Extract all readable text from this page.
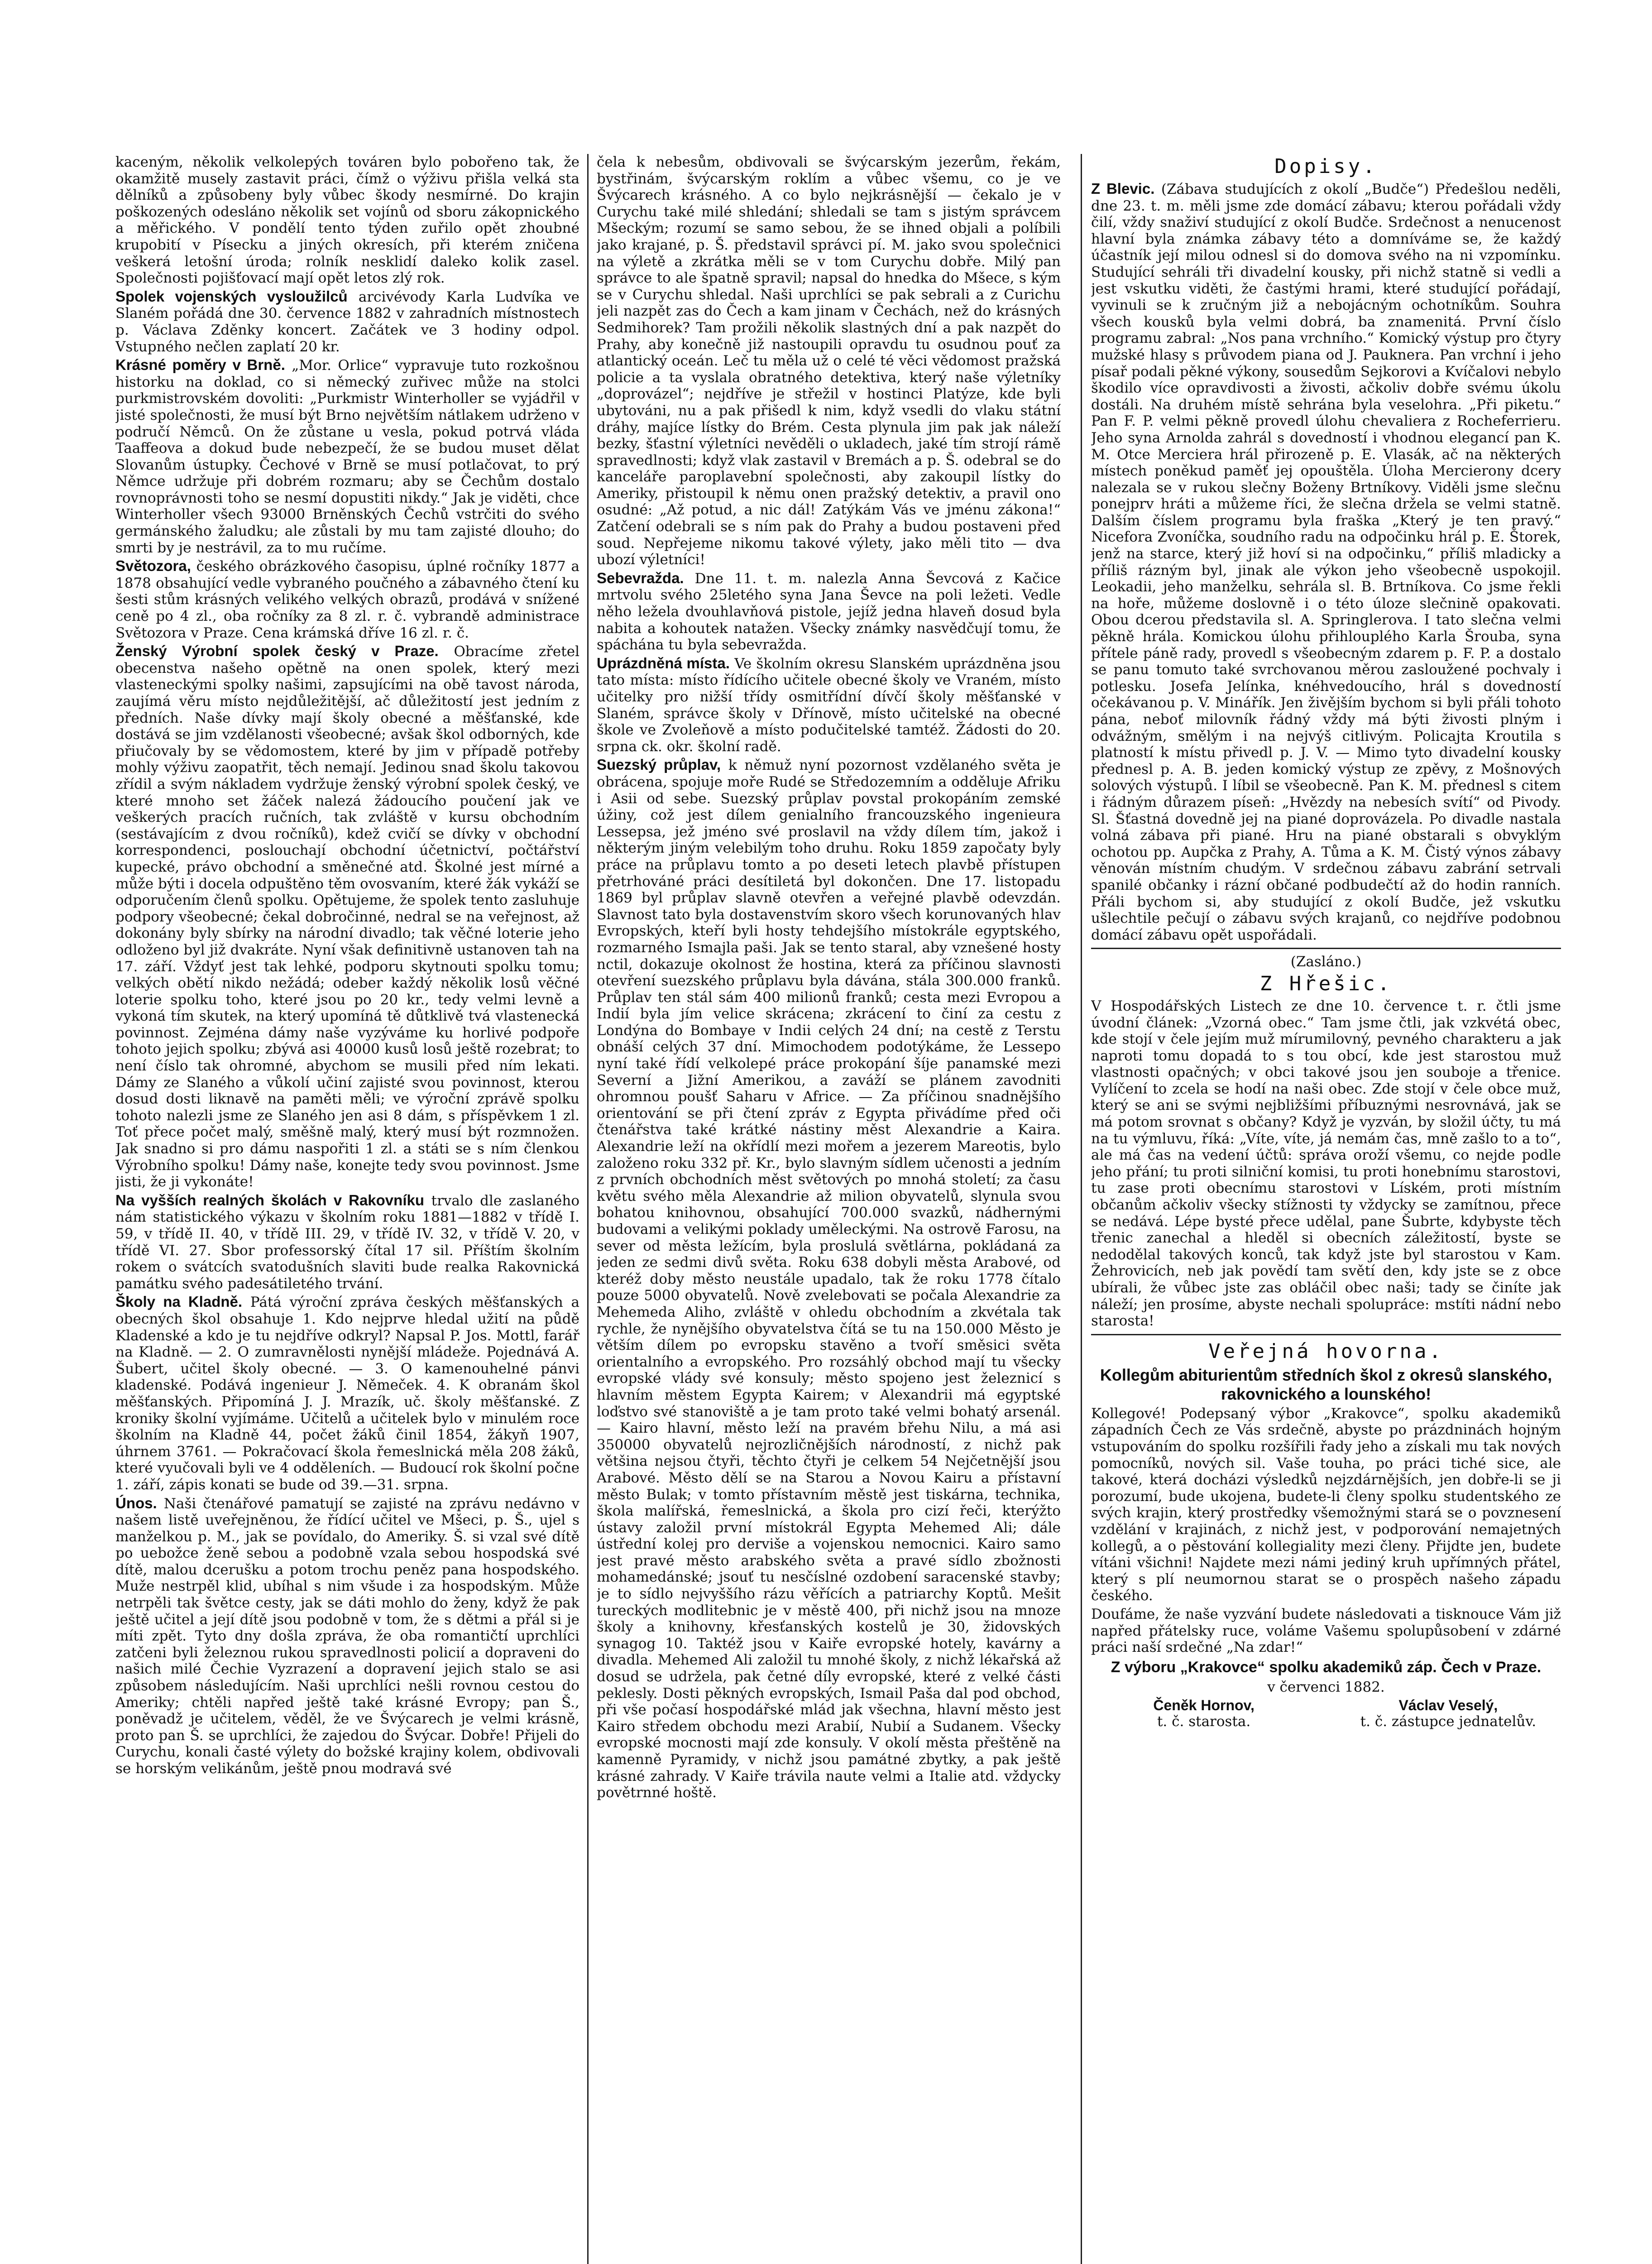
kaceným, několik velkolepých továren bylo pobořeno tak, že okamžitě musely zastavit práci, čímž o výživu přišla velká sta dělníků a způsobeny byly vůbec škody nesmírné. Do krajin poškozených odesláno několik set vojínů od sboru zákopnického a měřického. V pondělí tento týden zuřilo opět zhoubné krupobití v Písecku a jiných okresích, při kterém zničena veškerá letošní úroda; rolník nesklidí daleko kolik zasel. Společnosti pojišťovací mají opět letos zlý rok.

Spolek vojenských vysloužilců arcivévody Karla Ludvíka ve Slaném pořádá dne 30. července 1882 v zahradních místnostech p. Václava Zděnky koncert. Začátek ve 3 hodiny odpol. Vstupného nečlen zaplatí 20 kr.

Krásné poměry v Brně. „Mor. Orlice“ vypravuje tuto rozkošnou historku na doklad, co si německý zuřivec může na stolci purkmistrovském dovoliti: „Purkmistr Winterholler se vyjádřil v jisté společnosti, že musí být Brno největším nátlakem udrženo v područí Němců. On že zůstane u vesla, pokud potrvá vláda Taaffeova a dokud bude nebezpečí, že se budou muset dělat Slovanům ústupky. Čechové v Brně se musí potlačovat, to prý Němce udržuje při dobrém rozmaru; aby se Čechům dostalo rovnoprávnosti toho se nesmí dopustiti nikdy.“ Jak je viděti, chce Winterholler všech 93000 Brněnských Čechů vstrčiti do svého germánského žaludku; ale zůstali by mu tam zajisté dlouho; do smrti by je nestrávil, za to mu ručíme.

Světozora, českého obrázkového časopisu, úplné ročníky 1877 a 1878 obsahující vedle vybraného poučného a zábavného čtení ku šesti stům krásných velikého velkých obrazů, prodává v snížené ceně po 4 zl., oba ročníky za 8 zl. r. č. vybrandě administrace Světozora v Praze. Cena krámská dříve 16 zl. r. č.

Ženský Výrobní spolek český v Praze. Obracíme zřetel obecenstva našeho opětně na onen spolek, který mezi vlasteneckými spolky našimi, zapsujícími na obě tavost národa, zaujímá věru místo nejdůležitější, ač důležitostí jest jedním z předních. Naše dívky mají školy obecné a měšťanské, kde dostává se jim vzdělanosti všeobecné; avšak škol odborných, kde přiučovaly by se vědomostem, které by jim v případě potřeby mohly výživu zaopatřit, těch nemají. Jedinou snad školu takovou zřídil a svým nákladem vydržuje ženský výrobní spolek český, ve které mnoho set žáček nalezá žádoucího poučení jak ve veškerých pracích ručních, tak zvláště v kursu obchodním (sestávajícím z dvou ročníků), kdež cvičí se dívky v obchodní korrespondenci, poslouchají obchodní účetnictví, počtářství kupecké, právo obchodní a směnečné atd. Školné jest mírné a může býti i docela odpuštěno těm ovosvaním, které žák vykáží se odporučením členů spolku. Opětujeme, že spolek tento zasluhuje podpory všeobecné; čekal dobročinné, nedral se na veřejnost, až dokonány byly sbírky na národní divadlo; tak věčné loterie jeho odloženo byl již dvakráte. Nyní však definitivně ustanoven tah na 17. září. Vždyť jest tak lehké, podporu skytnouti spolku tomu; velkých obětí nikdo nežádá; odeber každý několik losů věčné loterie spolku toho, které jsou po 20 kr., tedy velmi levně a vykoná tím skutek, na který upomíná tě důtklivě tvá vlastenecká povinnost. Zejména dámy naše vyzýváme ku horlivé podpoře tohoto jejich spolku; zbývá asi 40000 kusů losů ještě rozebrat; to není číslo tak ohromné, abychom se musili před ním lekati. Dámy ze Slaného a vůkolí učiní zajisté svou povinnost, kterou dosud dosti liknavě na paměti měli; ve výroční zprávě spolku tohoto nalezli jsme ze Slaného jen asi 8 dám, s příspěvkem 1 zl. Toť přece počet malý, směšně malý, který musí být rozmnožen. Jak snadno si pro dámu naspořiti 1 zl. a státi se s ním členkou Výrobního spolku! Dámy naše, konejte tedy svou povinnost. Jsme jisti, že ji vykonáte!

Na vyšších realných školách v Rakovníku trvalo dle zaslaného nám statistického výkazu v školním roku 1881—1882 v třídě I. 59, v třídě II. 40, v třídě III. 29, v třídě IV. 32, v třídě V. 20, v třídě VI. 27. Sbor professorský čítal 17 sil. Příštím školním rokem o svátcích svatodušních slaviti bude realka Rakovnická památku svého padesátiletého trvání.

Školy na Kladně. Pátá výroční zpráva českých měšťanských a obecných škol obsahuje 1. Kdo nejprve hledal užití na půdě Kladenské a kdo je tu nejdříve odkryl? Napsal P. Jos. Mottl, farář na Kladně. — 2. O zumravnělosti nynější mládeže. Pojednává A. Šubert, učitel školy obecné. — 3. O kamenouhelné pánvi kladenské. Podává ingenieur J. Němeček. 4. K obranám škol měšťanských. Připomíná J. J. Mrazík, uč. školy měšťanské. Z kroniky školní vyjímáme. Učitelů a učitelek bylo v minulém roce školním na Kladně 44, počet žáků činil 1854, žákyň 1907, úhrnem 3761. — Pokračovací škola řemeslnická měla 208 žáků, které vyučovali byli ve 4 odděleních. — Budoucí rok školní počne 1. září, zápis konati se bude od 39.—31. srpna.

Únos. Naši čtenářové pamatují se zajisté na zprávu nedávno v našem listě uveřejněnou, že řídící učitel ve Mšeci, p. Š., ujel s manželkou p. M., jak se povídalo, do Ameriky. Š. si vzal své dítě po uebožce ženě sebou a podobně vzala sebou hospodská své dítě, malou dcerušku a potom trochu peněz pana hospodského. Muže nestrpěl klid, ubíhal s nim všude i za hospodským. Může netrpěli tak švětce cesty, jak se dáti mohlo do ženy, když že pak ještě učitel a její dítě jsou podobně v tom, že s dětmi a přál si je míti zpět. Tyto dny došla zpráva, že oba romantičtí uprchlíci zatčeni byli železnou rukou spravedlnosti policií a dopraveni do našich milé Čechie Vyzrazení a dopravení jejich stalo se asi způsobem následujícím. Naši uprchlíci nešli rovnou cestou do Ameriky; chtěli napřed ještě také krásné Evropy; pan Š., poněvadž je učitelem, věděl, že ve Švýcarech je velmi krásně, proto pan Š. se uprchlíci, že zajedou do Švýcar. Dobře! Přijeli do Curychu, konali časté výlety do božské krajiny kolem, obdivovali se horským velikánům, ještě pnou modravá své

čela k nebesům, obdivovali se švýcarským jezerům, řekám, bystřinám, švýcarským roklím a vůbec všemu, co je ve Švýcarech krásného. A co bylo nejkrásnější — čekalo je v Curychu také milé shledání; shledali se tam s jistým správcem Mšeckým; rozumí se samo sebou, že se ihned objali a políbili jako krajané, p. Š. představil správci pí. M. jako svou společnici na výletě a zkrátka měli se v tom Curychu dobře. Milý pan správce to ale špatně spravil; napsal do hnedka do Mšece, s kým se v Curychu shledal. Naši uprchlíci se pak sebrali a z Curichu jeli nazpět zas do Čech a kam jinam v Čechách, než do krásných Sedmihorek? Tam prožili několik slastných dní a pak nazpět do Prahy, aby konečně již nastoupili opravdu tu osudnou pouť za atlantický oceán. Leč tu měla už o celé té věci vědomost pražská policie a ta vyslala obratného detektiva, který naše výletníky „doprovázel“; nejdříve je střežil v hostinci Platýze, kde byli ubytováni, nu a pak přišedl k nim, když vsedli do vlaku státní dráhy, majíce lístky do Brém. Cesta plynula jim pak jak náleží bezky, šťastní výletníci nevěděli o ukladech, jaké tím strojí rámě spravedlnosti; když vlak zastavil v Bremách a p. Š. odebral se do kanceláře paroplavební společnosti, aby zakoupil lístky do Ameriky, přistoupil k němu onen pražský detektiv, a pravil ono osudné: „Až potud, a nic dál! Zatýkám Vás ve jménu zákona!“ Zatčení odebrali se s ním pak do Prahy a budou postaveni před soud. Nepřejeme nikomu takové výlety, jako měli tito — dva ubozí výletníci!

Sebevražda. Dne 11. t. m. nalezla Anna Ševcová z Kačice mrtvolu svého 25letého syna Jana Ševce na poli ležeti. Vedle něho ležela dvouhlavňová pistole, jejíž jedna hlaveň dosud byla nabita a kohoutek natažen. Všecky známky nasvědčují tomu, že spáchána tu byla sebevražda.

Uprázdněná místa. Ve školním okresu Slanském uprázdněna jsou tato místa: místo řídícího učitele obecné školy ve Vraném, místo učitelky pro nižší třídy osmitřídní dívčí školy měšťanské v Slaném, správce školy v Dřínově, místo učitelské na obecné škole ve Zvoleňově a místo podučitelské tamtéž. Žádosti do 20. srpna ck. okr. školní radě.

Suezský průplav, k němuž nyní pozornost vzdělaného světa je obrácena, spojuje moře Rudé se Středozemním a odděluje Afriku i Asii od sebe. Suezský průplav povstal prokopáním zemské úžiny, což jest dílem genialního francouzského ingenieura Lessepsa, jež jméno své proslavil na vždy dílem tím, jakož i některým jiným velebilým toho druhu. Roku 1859 započaty byly práce na průplavu tomto a po deseti letech plavbě přístupen přetrhováné práci desítiletá byl dokončen. Dne 17. listopadu 1869 byl průplav slavně otevřen a veřejné plavbě odevzdán. Slavnost tato byla dostavenstvím skoro všech korunovaných hlav Evropských, kteří byli hosty tehdejšího místokrále egyptského, rozmarného Ismajla paši. Jak se tento staral, aby vznešené hosty nctil, dokazuje okolnost že hostina, která za příčinou slavnosti otevření suezského průplavu byla dávána, stála 300.000 franků. Průplav ten stál sám 400 milionů franků; cesta mezi Evropou a Indií byla jím velice skrácena; zkrácení to činí za cestu z Londýna do Bombaye v Indii celých 24 dní; na cestě z Terstu obnáší celých 37 dní. Mimochodem podotýkáme, že Lessepo nyní také řídí velkolepé práce prokopání šíje panamské mezi Severní a Jižní Amerikou, a zaváží se plánem zavodniti ohromnou poušť Saharu v Africe. — Za příčinou snadnějšího orientování se při čtení zpráv z Egypta přivádíme před oči čtenářstva také krátké nástiny měst Alexandrie a Kaira. Alexandrie leží na okřídlí mezi mořem a jezerem Mareotis, bylo založeno roku 332 př. Kr., bylo slavným sídlem učenosti a jedním z prvních obchodních měst světových po mnohá století; za času květu svého měla Alexandrie až milion obyvatelů, slynula svou bohatou knihovnou, obsahující 700.000 svazků, nádhernými budovami a velikými poklady uměleckými. Na ostrově Farosu, na sever od města ležícím, byla proslulá světlárna, pokládaná za jeden ze sedmi divů světa. Roku 638 dobyli města Arabové, od kteréž doby město neustále upadalo, tak že roku 1778 čítalo pouze 5000 obyvatelů. Nově zvelebovati se počala Alexandrie za Mehemeda Aliho, zvláště v ohledu obchodním a zkvétala tak rychle, že nynějšího obyvatelstva čítá se tu na 150.000 Město je větším dílem po evropsku stavěno a tvoří směsici světa orientalního a evropského. Pro rozsáhlý obchod mají tu všecky evropské vlády své konsuly; město spojeno jest železnicí s hlavním městem Egypta Kairem; v Alexandrii má egyptské loďstvo své stanoviště a je tam proto také velmi bohatý arsenál. — Kairo hlavní, město leží na pravém břehu Nilu, a má asi 350000 obyvatelů nejrozličnějších národností, z nichž pak většina nejsou čtyři, těchto čtyři je celkem 54 Nejčetnější jsou Arabové. Město dělí se na Starou a Novou Kairu a přístavní město Bulak; v tomto přístavním městě jest tiskárna, technika, škola malířská, řemeslnická, a škola pro cizí řeči, kterýžto ústavy založil první místokrál Egypta Mehemed Ali; dále ústřední kolej pro derviše a vojenskou nemocnici. Kairo samo jest pravé město arabského světa a pravé sídlo zbožnosti mohamedánské; jsouť tu nesčíslné ozdobení saracenské stavby; je to sídlo nejvyššího rázu věřících a patriarchy Koptů. Mešit tureckých modlitebnic je v městě 400, při nichž jsou na mnoze školy a knihovny, křesťanských kostelů je 30, židovských synagog 10. Taktéž jsou v Kaiře evropské hotely, kavárny a divadla. Mehemed Ali založil tu mnohé školy, z nichž lékařská až dosud se udržela, pak četné díly evropské, které z velké části peklesly. Dosti pěkných evropských, Ismail Paša dal pod obchod, při vše počasí hospodářské mlád jak všechna, hlavní město jest Kairo středem obchodu mezi Arabií, Nubií a Sudanem. Všecky evropské mocnosti mají zde konsuly. V okolí města přeštěně na kamenně Pyramidy, v nichž jsou památné zbytky, a pak ještě krásné zahrady. V Kaiře trávila naute velmi a Italie atd. vždycky povětrnné hoště.

Dopisy.

Z Blevic. (Zábava studujících z okolí „Budče“) Předešlou neděli, dne 23. t. m. měli jsme zde domácí zábavu; kterou pořádali vždy čilí, vždy snaživí studující z okolí Budče. Srdečnost a nenucenost hlavní byla známka zábavy této a domníváme se, že každý účastník její milou odnesl si do domova svého na ni vzpomínku. Studující sehráli tři divadelní kousky, při nichž statně si vedli a jest vskutku viděti, že častými hrami, které studující pořádají, vyvinuli se k zručným již a nebojácným ochotníkům. Souhra všech kousků byla velmi dobrá, ba znamenitá. První číslo programu zabral: „Nos pana vrchního.“ Komický výstup pro čtyry mužské hlasy s průvodem piana od J. Pauknera. Pan vrchní i jeho písař podali pěkné výkony, sousedům Sejkorovi a Kvíčalovi nebylo škodilo více opravdivosti a živosti, ačkoliv dobře svému úkolu dostáli. Na druhém místě sehrána byla veselohra. „Při piketu.“ Pan F. P. velmi pěkně provedl úlohu chevaliera z Rocheferrieru. Jeho syna Arnolda zahrál s dovedností i vhodnou elegancí pan K. M. Otce Merciera hrál přirozeně p. E. Vlasák, ač na některých místech poněkud paměť jej opouštěla. Úloha Mercierony dcery nalezala se v rukou slečny Boženy Brtníkovy. Viděli jsme slečnu ponejprv hráti a můžeme říci, že slečna držela se velmi statně. Dalším číslem programu byla fraška „Který je ten pravý.“ Nicefora Zvoníčka, soudního radu na odpočinku hrál p. E. Štorek, jenž na starce, který již hoví si na odpočinku,“ příliš mladicky a příliš rázným byl, jinak ale výkon jeho všeobecně uspokojil. Leokadii, jeho manželku, sehrála sl. B. Brtníkova. Co jsme řekli na hoře, můžeme doslovně i o této úloze slečnině opakovati. Obou dcerou představila sl. A. Springlerova. I tato slečna velmi pěkně hrála. Komickou úlohu přihlouplého Karla Šrouba, syna přítele páně rady, provedl s všeobecným zdarem p. F. P. a dostalo se panu tomuto také svrchovanou měrou zasloužené pochvaly i potlesku. Josefa Jelínka, knéhvedoucího, hrál s dovedností očekávanou p. V. Minářík. Jen živějším bychom si byli přáli tohoto pána, neboť milovník řádný vždy má býti živosti plným i odvážným, smělým i na nejvýš citlivým. Policajta Kroutila s platností k místu přivedl p. J. V. — Mimo tyto divadelní kousky přednesl p. A. B. jeden komický výstup ze zpěvy, z Mošnových solových výstupů. I líbil se všeobecně. Pan K. M. přednesl s citem i řádným důrazem píseň: „Hvězdy na nebesích svítí“ od Pivody. Sl. Šťastná dovedně jej na piané doprovázela. Po divadle nastala volná zábava při piané. Hru na piané obstarali s obvyklým ochotou pp. Aupčka z Prahy, A. Tůma a K. M. Čistý výnos zábavy věnován místním chudým. V srdečnou zábavu zabrání setrvali spanilé občanky i rázní občané podbudečtí až do hodin ranních. Přáli bychom si, aby studující z okolí Budče, jež vskutku ušlechtile pečují o zábavu svých krajanů, co nejdříve podobnou domácí zábavu opět uspořádali.

(Zasláno.)
Z Hřešic.

V Hospodářských Listech ze dne 10. července t. r. čtli jsme úvodní článek: „Vzorná obec.“ Tam jsme čtli, jak vzkvétá obec, kde stojí v čele jejím muž mírumilovný, pevného charakteru a jak naproti tomu dopadá to s tou obcí, kde jest starostou muž vlastnosti opačných; v obci takové jsou jen souboje a třenice. Vylíčení to zcela se hodí na naši obec. Zde stojí v čele obce muž, který se ani se svými nejbližšími příbuznými nesrovnává, jak se má potom srovnat s občany? Když je vyzván, by složil účty, tu má na tu výmluvu, říká: „Víte, víte, já nemám čas, mně zašlo to a to“, ale má čas na vedení účtů: správa oroží všemu, co nejde podle jeho přání; tu proti silniční komisi, tu proti honebnímu starostovi, tu zase proti obecnímu starostovi v Líském, proti místním občanům ačkoliv všecky stížnosti ty vždycky se zamítnou, přece se nedává. Lépe bysté přece udělal, pane Šubrte, kdybyste těch třenic zanechal a hleděl si obecních záležitostí, byste se nedodělal takových konců, tak když jste byl starostou v Kam. Žehrovicích, neb jak povědí tam světí den, kdy jste se z obce ubírali, že vůbec jste zas obláčil obec naši; tady se činíte jak náleží; jen prosíme, abyste nechali spolupráce: mstíti nádní nebo starosta!

Veřejná hovorna.
Kollegům abiturientům středních škol z okresů slanského, rakovnického a lounského!

Kollegové! Podepsaný výbor „Krakovce“, spolku akademiků západních Čech ze Vás srdečně, abyste po prázdninách hojným vstupováním do spolku rozšířili řady jeho a získali mu tak nových pomocníků, nových sil. Vaše touha, po práci tiché sice, ale takové, která docházi výsledků nejzdárnějších, jen dobře-li se ji porozumí, bude ukojena, budete-li členy spolku studentského ze svých krajin, který prostředky všemožnými stará se o povznesení vzdělání v krajinách, z nichž jest, v podporování nemajetných kollegů, a o pěstování kollegiality mezi členy. Přijdte jen, budete vítáni všichni! Najdete mezi námi jediný kruh upřímných přátel, který s plí neumornou starat se o prospěch našeho západu českého.

Doufáme, že naše vyzvání budete následovati a tisknouce Vám již napřed přátelsky ruce, voláme Vašemu spolupůsobení v zdárné práci naší srdečné „Na zdar!“

Z výboru „Krakovce“ spolku akademiků záp. Čech v Praze.
v červenci 1882.
Čeněk Hornov,
t. č. starosta.
Václav Veselý,
t. č. zástupce jednatelův.
